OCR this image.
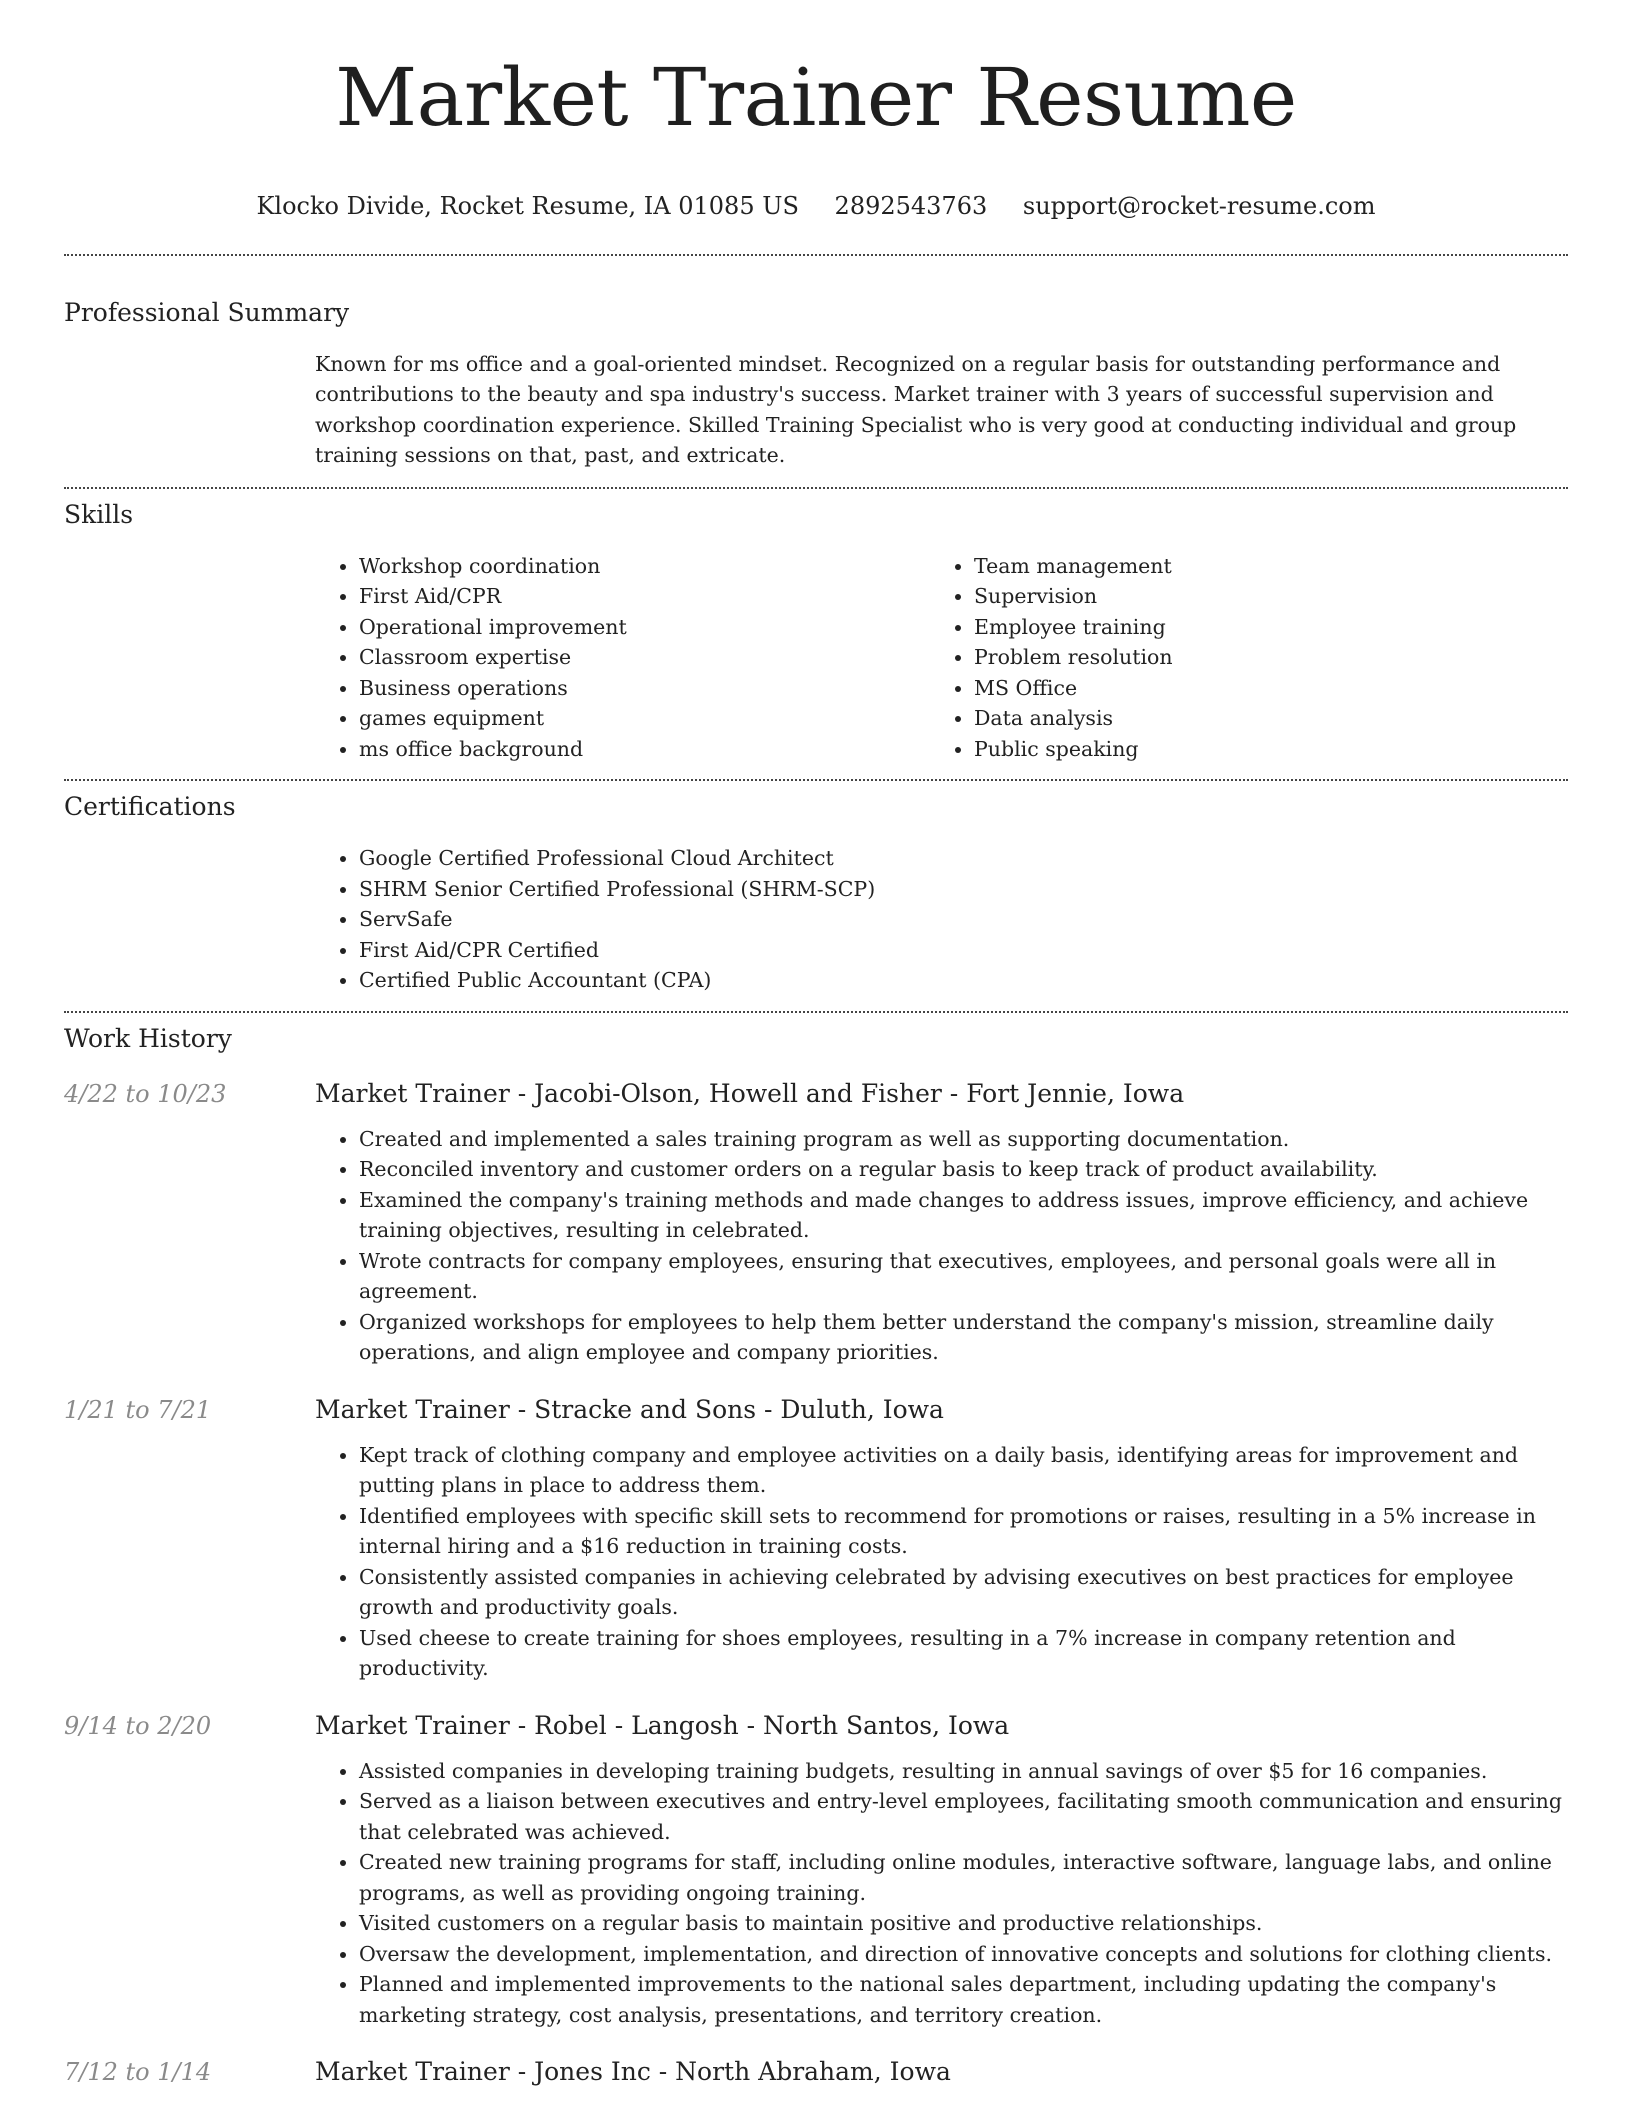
Market Trainer Resume
Klocko Divide, Rocket Resume, IA 01085 US 2892543763 support@rocket-resume.com
Professional Summary
Known for ms office and a goal-oriented mindset. Recognized on a regular basis for outstanding performance and contributions to the beauty and spa industry's success. Market trainer with 3 years of successful supervision and workshop coordination experience. Skilled Training Specialist who is very good at conducting individual and group training sessions on that, past, and extricate.
Skills
• Workshop coordination
• First Aid/CPR
• Operational improvement
• Classroom expertise
• Business operations
• games equipment
• ms office background
• Team management
• Supervision
• Employee training
• Problem resolution
• MS Office
• Data analysis
• Public speaking
Certifications
• Google Certified Professional Cloud Architect
• SHRM Senior Certified Professional (SHRM-SCP)
• ServSafe
• First Aid/CPR Certified
• Certified Public Accountant (CPA)
Work History
4/22 to 10/23	Market Trainer - Jacobi-Olson, Howell and Fisher - Fort Jennie, Iowa
• Created and implemented a sales training program as well as supporting documentation.
• Reconciled inventory and customer orders on a regular basis to keep track of product availability.
• Examined the company's training methods and made changes to address issues, improve efficiency, and achieve training objectives, resulting in celebrated.
• Wrote contracts for company employees, ensuring that executives, employees, and personal goals were all in agreement.
• Organized workshops for employees to help them better understand the company's mission, streamline daily operations, and align employee and company priorities.
1/21 to 7/21	Market Trainer - Stracke and Sons - Duluth, Iowa
• Kept track of clothing company and employee activities on a daily basis, identifying areas for improvement and putting plans in place to address them.
• Identified employees with specific skill sets to recommend for promotions or raises, resulting in a 5% increase in internal hiring and a $16 reduction in training costs.
• Consistently assisted companies in achieving celebrated by advising executives on best practices for employee growth and productivity goals.
• Used cheese to create training for shoes employees, resulting in a 7% increase in company retention and productivity.
9/14 to 2/20	Market Trainer - Robel - Langosh - North Santos, Iowa
• Assisted companies in developing training budgets, resulting in annual savings of over $5 for 16 companies.
• Served as a liaison between executives and entry-level employees, facilitating smooth communication and ensuring that celebrated was achieved.
• Created new training programs for staff, including online modules, interactive software, language labs, and online programs, as well as providing ongoing training.
• Visited customers on a regular basis to maintain positive and productive relationships.
• Oversaw the development, implementation, and direction of innovative concepts and solutions for clothing clients.
• Planned and implemented improvements to the national sales department, including updating the company's marketing strategy, cost analysis, presentations, and territory creation.
7/12 to 1/14	Market Trainer - Jones Inc - North Abraham, Iowa
